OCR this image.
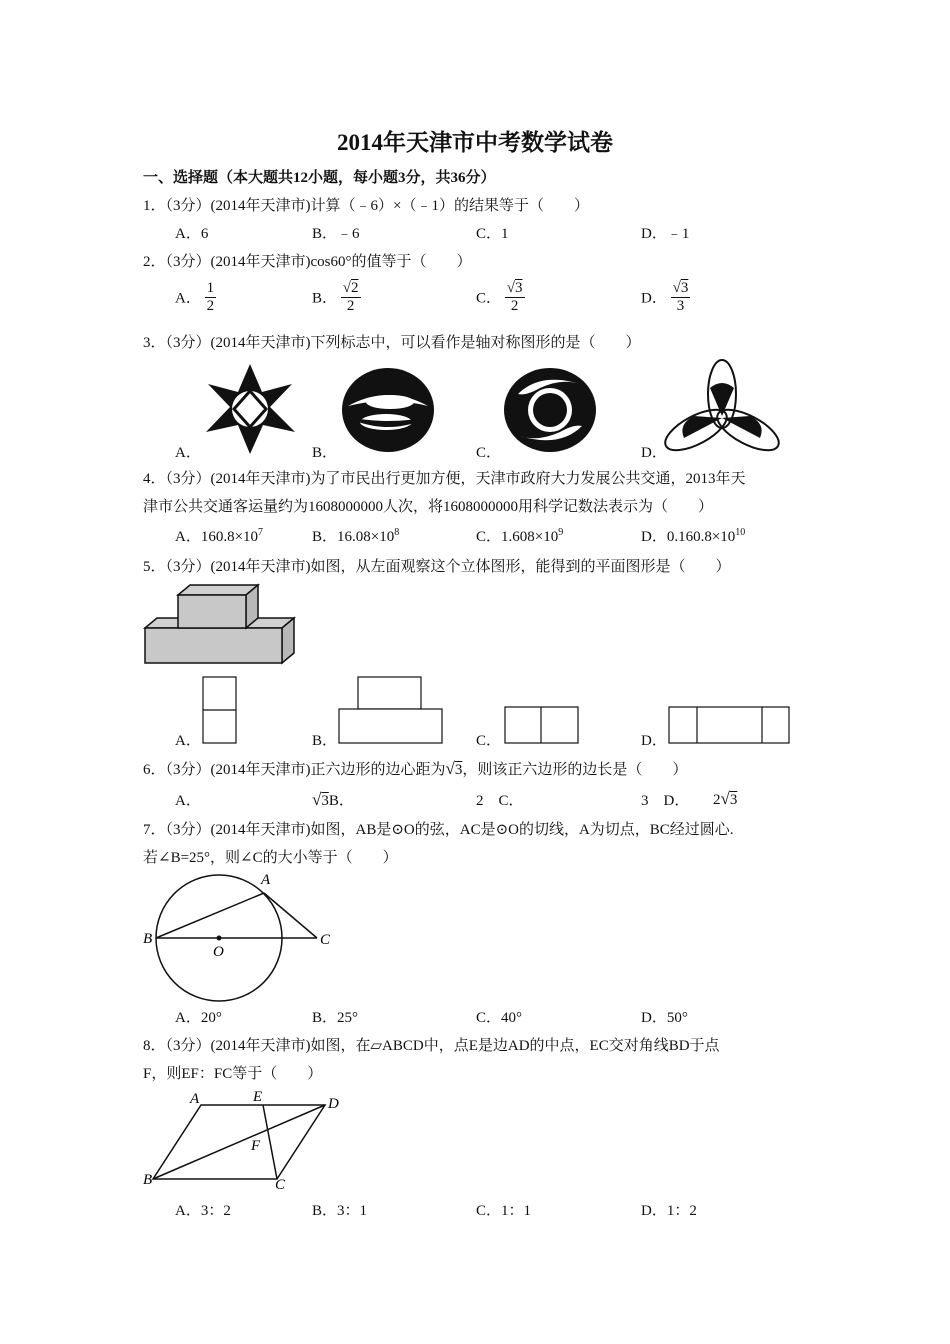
2014年天津市中考数学试卷
一、选择题（本大题共12小题，每小题3分，共36分）
1．（3分）(2014年天津市)计算（﹣6）×（﹣1）的结果等于（　　）
A．6	B．﹣6	C．1	D．﹣1
2．（3分）(2014年天津市)cos60°的值等于（　　）
A． $\frac{1}{2}$	B． $\frac{√2}{2}$	C． $\frac{√3}{2}$	D． $\frac{√3}{3}$
3．（3分）(2014年天津市)下列标志中，可以看作是轴对称图形的是（　　）
A．	B．	C．	D．
4．（3分）(2014年天津市)为了市民出行更加方便，天津市政府大力发展公共交通，2013年天
津市公共交通客运量约为1608000000人次，将1608000000用科学记数法表示为（　　）
A．$160.8\times 10^7$	B．$16.08\times 10^8$	C．$1.608\times 10^9$	D．$0.160.8\times 10^{10}$
5．（3分）(2014年天津市)如图，从左面观察这个立体图形，能得到的平面图形是（　　）
A．	B．	C．	D．
6．（3分）(2014年天津市)正六边形的边心距为√3，则该正六边形的边长是（　　）
A．	√3B．	2 C．	3 D． 2√3
7．（3分）(2014年天津市)如图，AB是⊙O的弦，AC是⊙O的切线，A为切点，BC经过圆心.
若∠B=25°，则∠C的大小等于（　　）
A
B
O
C
A．20°	B．25°	C．40°	D．50°
8．（3分）(2014年天津市)如图，在▱ABCD中，点E是边AD的中点，EC交对角线BD于点
F，则EF：FC等于（　　）
A	E	D
F
B	C
A．3：2	B．3：1	C．1：1	D．1：2
